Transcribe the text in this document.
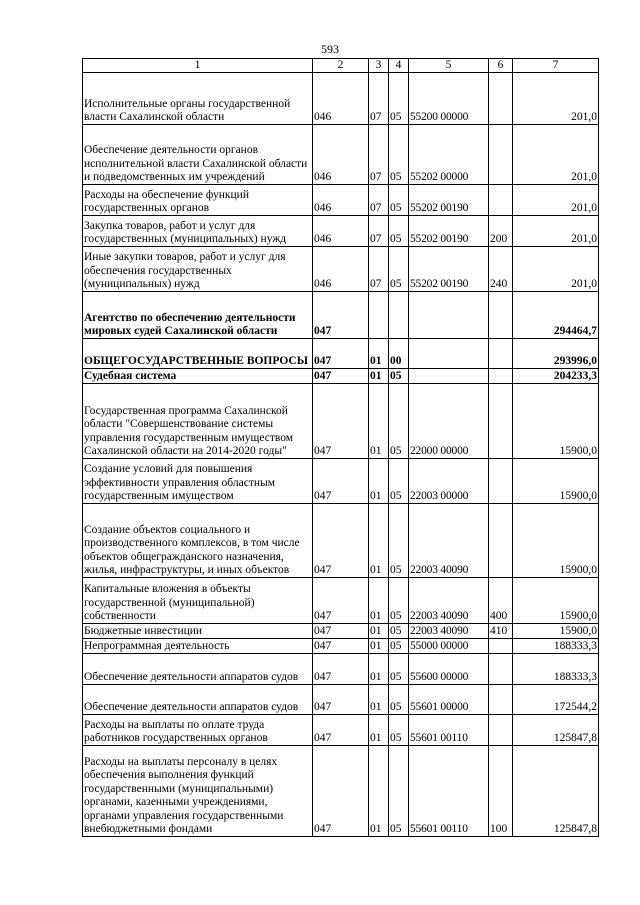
593
1	2	3	4	5	6	7
Исполнительные органы государственной власти Сахалинской области	046	07	05	55200 00000		201,0
Обеспечение деятельности органов исполнительной власти Сахалинской области и подведомственных им учреждений	046	07	05	55202 00000		201,0
Расходы на обеспечение функций государственных органов	046	07	05	55202 00190		201,0
Закупка товаров, работ и услуг для государственных (муниципальных) нужд	046	07	05	55202 00190	200	201,0
Иные закупки товаров, работ и услуг для обеспечения государственных (муниципальных) нужд	046	07	05	55202 00190	240	201,0
Агентство по обеспечению деятельности мировых судей Сахалинской области	047					294464,7
ОБЩЕГОСУДАРСТВЕННЫЕ ВОПРОСЫ	047	01	00			293996,0
Судебная система	047	01	05			204233,3
Государственная программа Сахалинской области "Совершенствование системы управления государственным имуществом Сахалинской области на 2014-2020 годы"	047	01	05	22000 00000		15900,0
Создание условий для повышения эффективности управления областным государственным имуществом	047	01	05	22003 00000		15900,0
Создание объектов социального и производственного комплексов, в том числе объектов общегражданского назначения, жилья, инфраструктуры, и иных объектов	047	01	05	22003 40090		15900,0
Капитальные вложения в объекты государственной (муниципальной) собственности	047	01	05	22003 40090	400	15900,0
Бюджетные инвестиции	047	01	05	22003 40090	410	15900,0
Непрограммная деятельность	047	01	05	55000 00000		188333,3
Обеспечение деятельности аппаратов судов	047	01	05	55600 00000		188333,3
Обеспечение деятельности аппаратов судов	047	01	05	55601 00000		172544,2
Расходы на выплаты по оплате труда работников государственных органов	047	01	05	55601 00110		125847,8
Расходы на выплаты персоналу в целях обеспечения выполнения функций государственными (муниципальными) органами, казенными учреждениями, органами управления государственными внебюджетными фондами	047	01	05	55601 00110	100	125847,8
